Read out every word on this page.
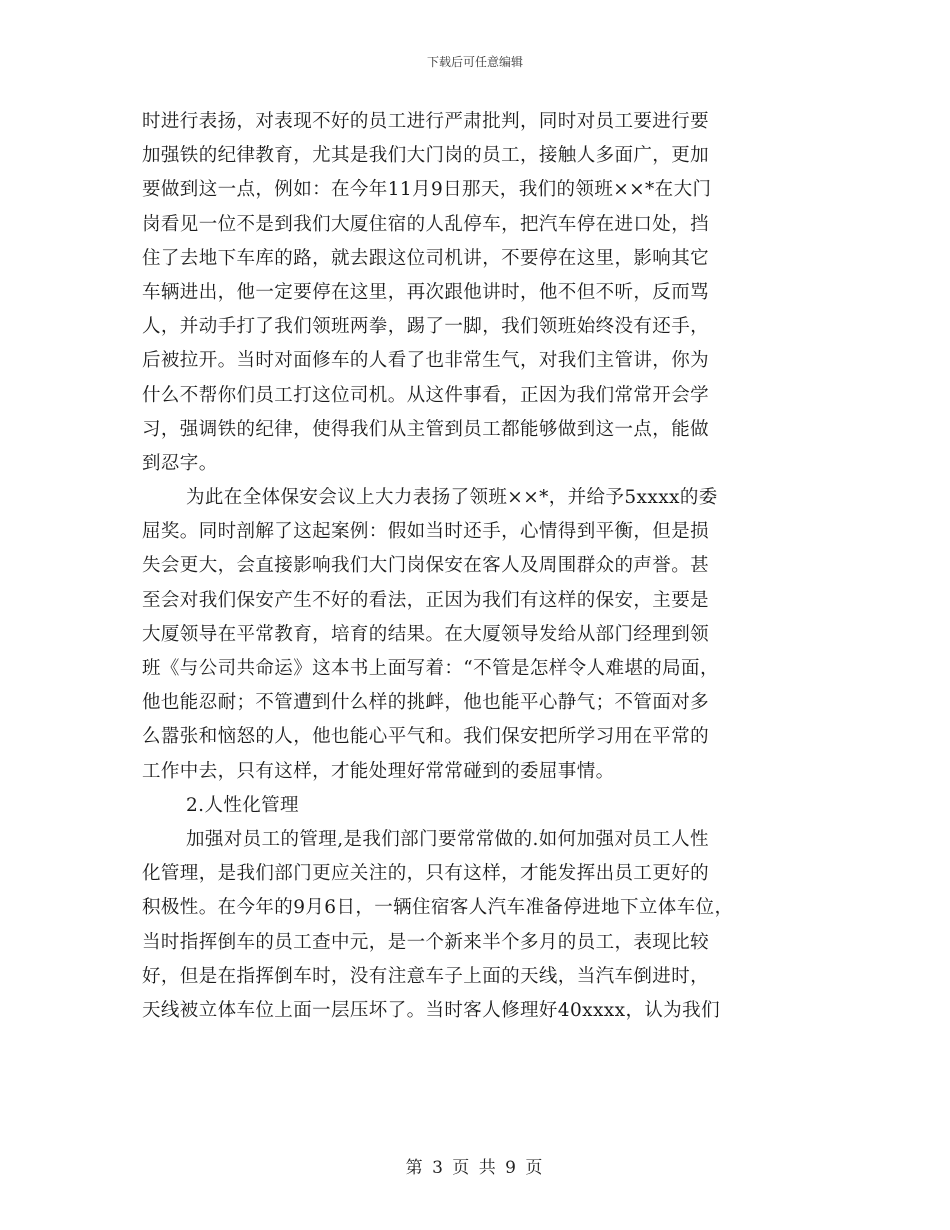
下载后可任意编辑
时进行表扬，对表现不好的员工进行严肃批判，同时对员工要进行要
加强铁的纪律教育，尤其是我们大门岗的员工，接触人多面广，更加
要做到这一点，例如：在今年11月9日那天，我们的领班××*在大门
岗看见一位不是到我们大厦住宿的人乱停车，把汽车停在进口处，挡
住了去地下车库的路，就去跟这位司机讲，不要停在这里，影响其它
车辆进出，他一定要停在这里，再次跟他讲时，他不但不听，反而骂
人，并动手打了我们领班两拳，踢了一脚，我们领班始终没有还手，
后被拉开。当时对面修车的人看了也非常生气，对我们主管讲，你为
什么不帮你们员工打这位司机。从这件事看，正因为我们常常开会学
习，强调铁的纪律，使得我们从主管到员工都能够做到这一点，能做
到忍字。
为此在全体保安会议上大力表扬了领班××*，并给予5xxxx的委
屈奖。同时剖解了这起案例：假如当时还手，心情得到平衡，但是损
失会更大，会直接影响我们大门岗保安在客人及周围群众的声誉。甚
至会对我们保安产生不好的看法，正因为我们有这样的保安，主要是
大厦领导在平常教育，培育的结果。在大厦领导发给从部门经理到领
班《与公司共命运》这本书上面写着：“不管是怎样令人难堪的局面，
他也能忍耐；不管遭到什么样的挑衅，他也能平心静气；不管面对多
么嚣张和恼怒的人，他也能心平气和。我们保安把所学习用在平常的
工作中去，只有这样，才能处理好常常碰到的委屈事情。
2.人性化管理
加强对员工的管理,是我们部门要常常做的.如何加强对员工人性
化管理，是我们部门更应关注的，只有这样，才能发挥出员工更好的
积极性。在今年的9月6日，一辆住宿客人汽车准备停进地下立体车位，
当时指挥倒车的员工查中元，是一个新来半个多月的员工，表现比较
好，但是在指挥倒车时，没有注意车子上面的天线，当汽车倒进时，
天线被立体车位上面一层压坏了。当时客人修理好40xxxx，认为我们
第 3 页 共 9 页
